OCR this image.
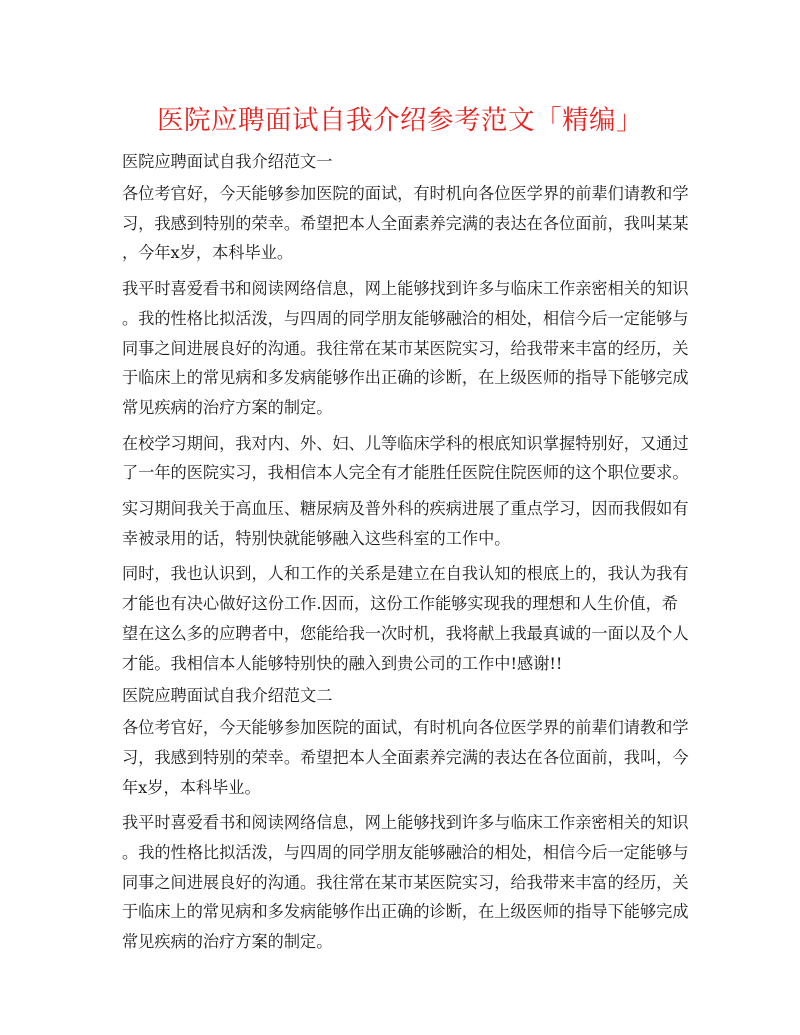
医院应聘面试自我介绍参考范文「精编」

医院应聘面试自我介绍范文一

各位考官好，今天能够参加医院的面试，有时机向各位医学界的前辈们请教和学
习，我感到特别的荣幸。希望把本人全面素养完满的表达在各位面前，我叫某某
，今年x岁，本科毕业。

我平时喜爱看书和阅读网络信息，网上能够找到许多与临床工作亲密相关的知识
。我的性格比拟活泼，与四周的同学朋友能够融洽的相处，相信今后一定能够与
同事之间进展良好的沟通。我往常在某市某医院实习，给我带来丰富的经历，关
于临床上的常见病和多发病能够作出正确的诊断，在上级医师的指导下能够完成
常见疾病的治疗方案的制定。

在校学习期间，我对内、外、妇、儿等临床学科的根底知识掌握特别好，又通过
了一年的医院实习，我相信本人完全有才能胜任医院住院医师的这个职位要求。

实习期间我关于高血压、糖尿病及普外科的疾病进展了重点学习，因而我假如有
幸被录用的话，特别快就能够融入这些科室的工作中。

同时，我也认识到，人和工作的关系是建立在自我认知的根底上的，我认为我有
才能也有决心做好这份工作.因而，这份工作能够实现我的理想和人生价值，希
望在这么多的应聘者中，您能给我一次时机，我将献上我最真诚的一面以及个人
才能。我相信本人能够特别快的融入到贵公司的工作中!感谢!!

医院应聘面试自我介绍范文二

各位考官好，今天能够参加医院的面试，有时机向各位医学界的前辈们请教和学
习，我感到特别的荣幸。希望把本人全面素养完满的表达在各位面前，我叫，今
年x岁，本科毕业。

我平时喜爱看书和阅读网络信息，网上能够找到许多与临床工作亲密相关的知识
。我的性格比拟活泼，与四周的同学朋友能够融洽的相处，相信今后一定能够与
同事之间进展良好的沟通。我往常在某市某医院实习，给我带来丰富的经历，关
于临床上的常见病和多发病能够作出正确的诊断，在上级医师的指导下能够完成
常见疾病的治疗方案的制定。
